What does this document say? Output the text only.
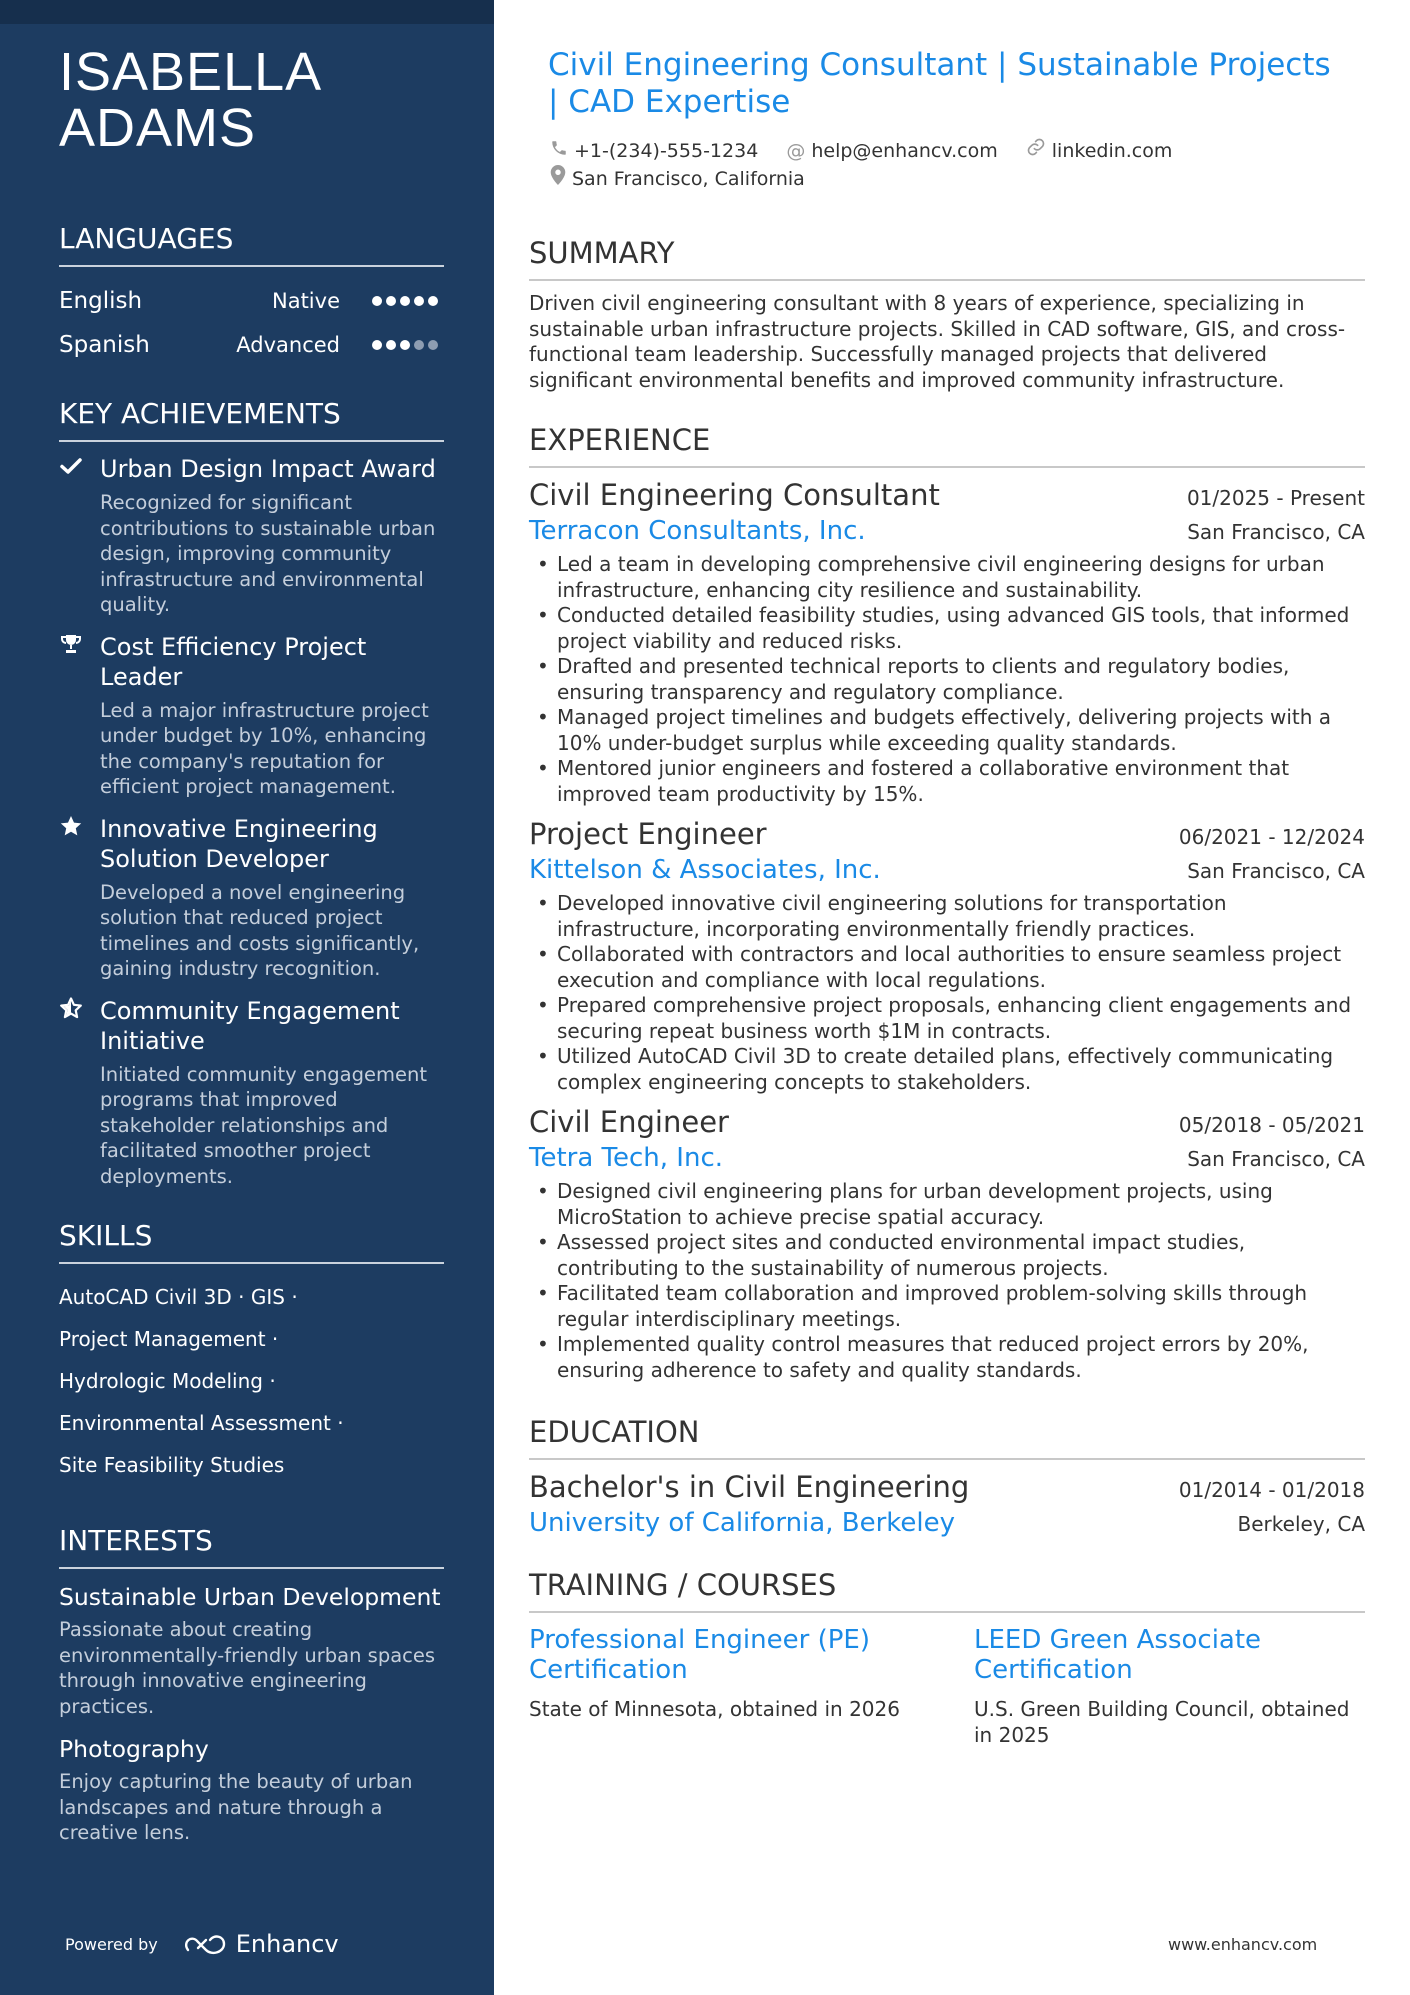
ISABELLA
ADAMS
LANGUAGES
English	Native
Spanish	Advanced
KEY ACHIEVEMENTS
Urban Design Impact Award
Recognized for significant contributions to sustainable urban design, improving community infrastructure and environmental quality.
Cost Efficiency Project Leader
Led a major infrastructure project under budget by 10%, enhancing the company's reputation for efficient project management.
Innovative Engineering Solution Developer
Developed a novel engineering solution that reduced project timelines and costs significantly, gaining industry recognition.
Community Engagement Initiative
Initiated community engagement programs that improved stakeholder relationships and facilitated smoother project deployments.
SKILLS
AutoCAD Civil 3D · GIS ·
Project Management ·
Hydrologic Modeling ·
Environmental Assessment ·
Site Feasibility Studies
INTERESTS
Sustainable Urban Development
Passionate about creating environmentally-friendly urban spaces through innovative engineering practices.
Photography
Enjoy capturing the beauty of urban landscapes and nature through a creative lens.
Powered by	Enhancv
Civil Engineering Consultant | Sustainable Projects | CAD Expertise
+1-(234)-555-1234
@ help@enhancv.com
	linkedin.com
San Francisco, California
SUMMARY
Driven civil engineering consultant with 8 years of experience, specializing in sustainable urban infrastructure projects. Skilled in CAD software, GIS, and cross-functional team leadership. Successfully managed projects that delivered significant environmental benefits and improved community infrastructure.
EXPERIENCE
Civil Engineering Consultant	01/2025 - Present
Terracon Consultants, Inc.	San Francisco, CA
• Led a team in developing comprehensive civil engineering designs for urban infrastructure, enhancing city resilience and sustainability.
• Conducted detailed feasibility studies, using advanced GIS tools, that informed project viability and reduced risks.
• Drafted and presented technical reports to clients and regulatory bodies, ensuring transparency and regulatory compliance.
• Managed project timelines and budgets effectively, delivering projects with a 10% under-budget surplus while exceeding quality standards.
• Mentored junior engineers and fostered a collaborative environment that improved team productivity by 15%.
Project Engineer	06/2021 - 12/2024
Kittelson & Associates, Inc.	San Francisco, CA
• Developed innovative civil engineering solutions for transportation infrastructure, incorporating environmentally friendly practices.
• Collaborated with contractors and local authorities to ensure seamless project execution and compliance with local regulations.
• Prepared comprehensive project proposals, enhancing client engagements and securing repeat business worth $1M in contracts.
• Utilized AutoCAD Civil 3D to create detailed plans, effectively communicating complex engineering concepts to stakeholders.
Civil Engineer	05/2018 - 05/2021
Tetra Tech, Inc.	San Francisco, CA
• Designed civil engineering plans for urban development projects, using MicroStation to achieve precise spatial accuracy.
• Assessed project sites and conducted environmental impact studies, contributing to the sustainability of numerous projects.
• Facilitated team collaboration and improved problem-solving skills through regular interdisciplinary meetings.
• Implemented quality control measures that reduced project errors by 20%, ensuring adherence to safety and quality standards.
EDUCATION
Bachelor's in Civil Engineering	01/2014 - 01/2018
University of California, Berkeley	Berkeley, CA
TRAINING / COURSES
Professional Engineer (PE) Certification
State of Minnesota, obtained in 2026
LEED Green Associate Certification
U.S. Green Building Council, obtained in 2025
www.enhancv.com
